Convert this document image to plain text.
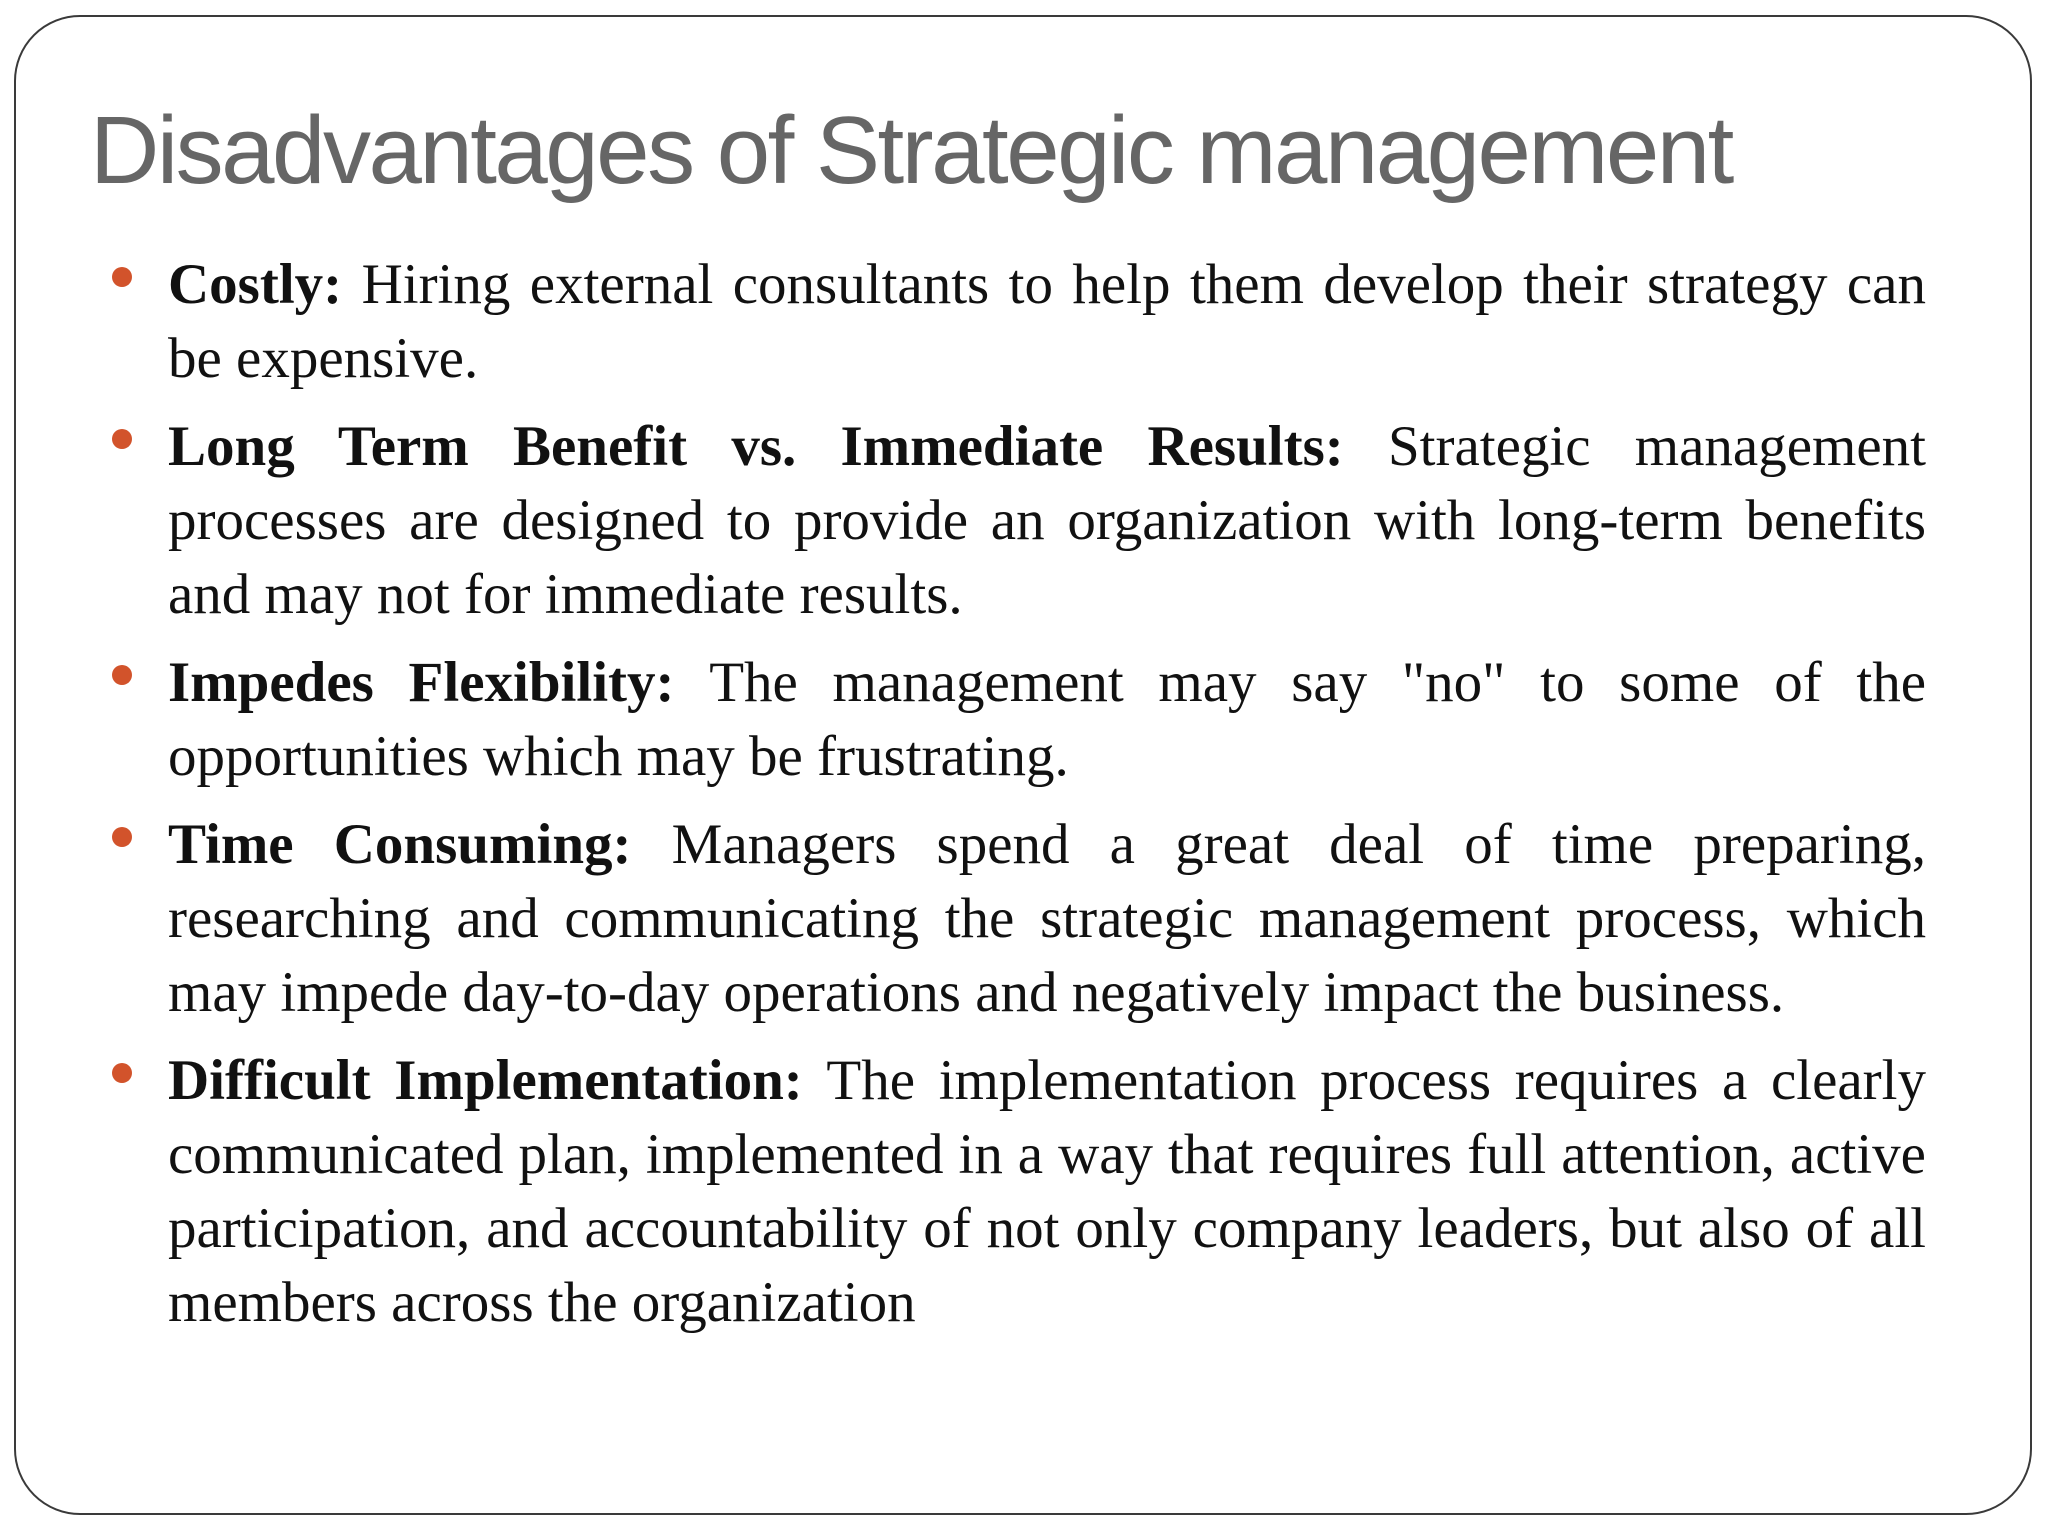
Disadvantages of Strategic management
Costly: Hiring external consultants to help them develop their strategy can be expensive.
Long Term Benefit vs. Immediate Results: Strategic management processes are designed to provide an organization with long-term benefits and may not for immediate results.
Impedes Flexibility: The management may say "no" to some of the opportunities which may be frustrating.
Time Consuming: Managers spend a great deal of time preparing, researching and communicating the strategic management process, which may impede day-to-day operations and negatively impact the business.
Difficult Implementation: The implementation process requires a clearly communicated plan, implemented in a way that requires full attention, active participation, and accountability of not only company leaders, but also of all members across the organization
